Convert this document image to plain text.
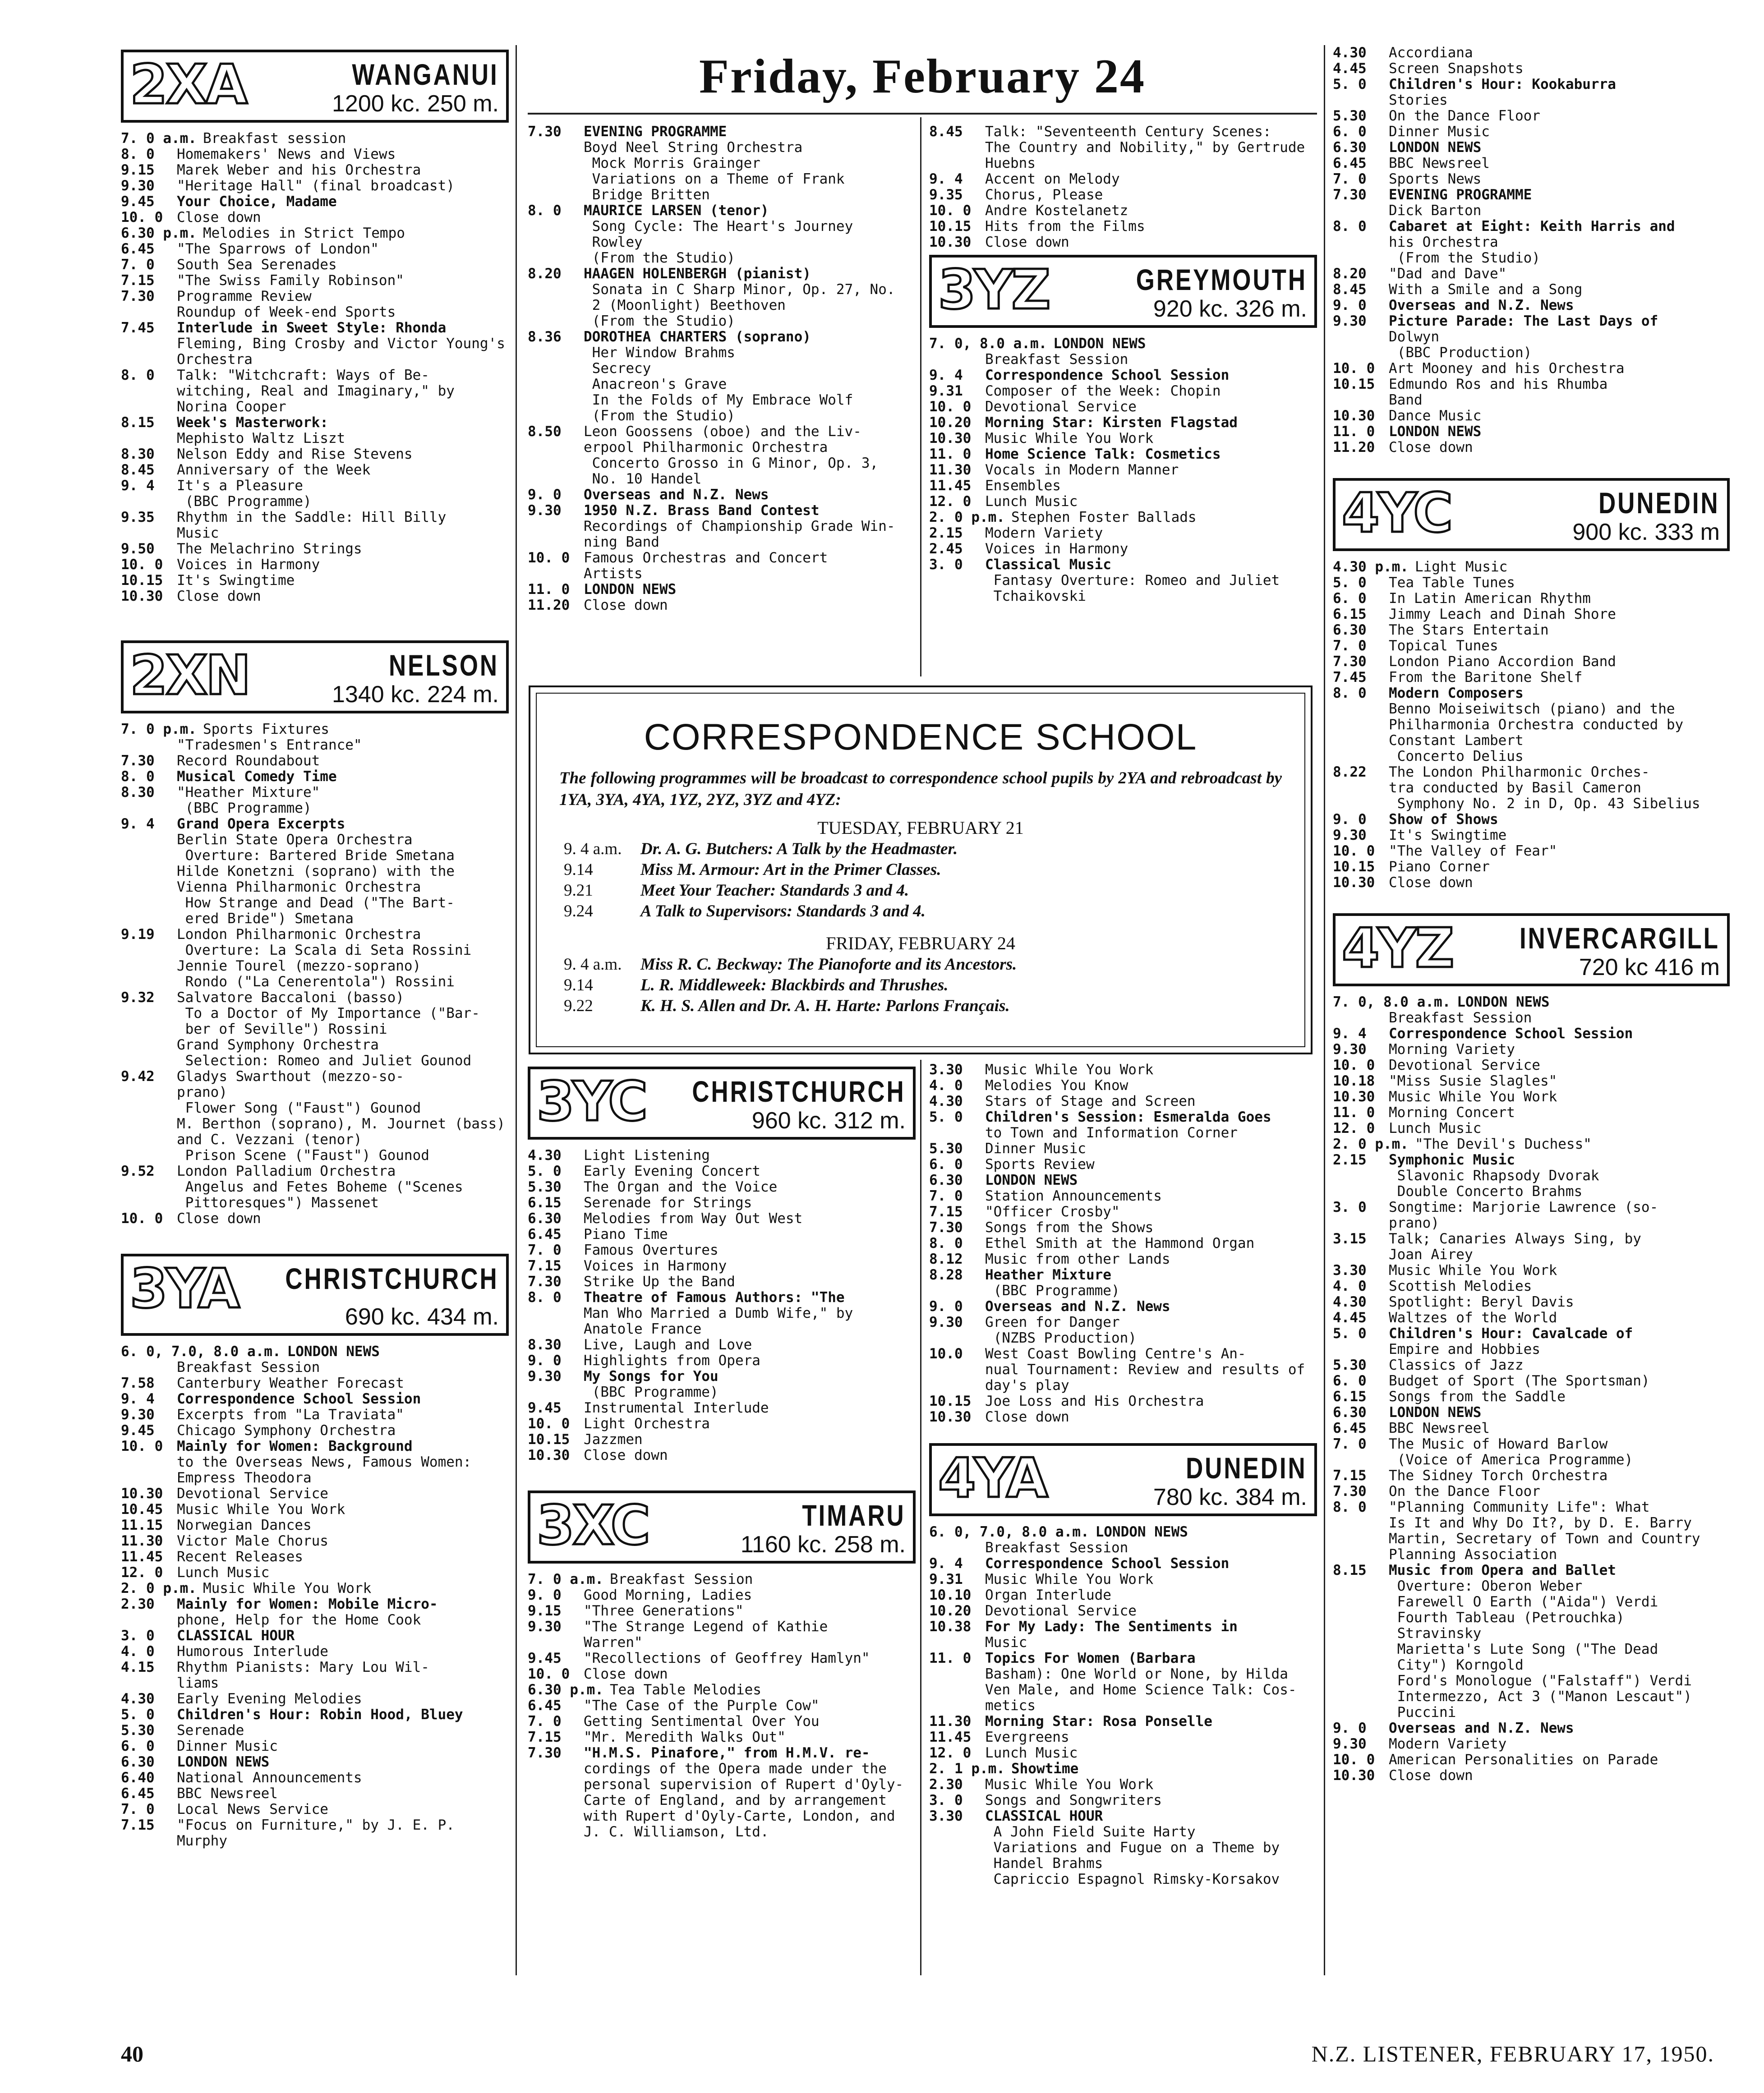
Friday, February 24
2XA	WANGANUI
1200 kc. 250 m.
7. 0 a.m. Breakfast session
8. 0 Homemakers' News and Views
9.15 Marek Weber and his Orchestra
9.30 "Heritage Hall" (final broadcast)
9.45 Your Choice, Madame
10. 0 Close down
6.30 p.m. Melodies in Strict Tempo
6.45 "The Sparrows of London"
7. 0 South Sea Serenades
7.15 "The Swiss Family Robinson"
7.30 Programme Review
Roundup of Week-end Sports
7.45 Interlude in Sweet Style: Rhonda
Fleming, Bing Crosby and Victor Young's
Orchestra
8. 0 Talk: "Witchcraft: Ways of Be-
witching, Real and Imaginary," by
Norina Cooper
8.15 Week's Masterwork:
Mephisto Waltz Liszt
8.30 Nelson Eddy and Rise Stevens
8.45 Anniversary of the Week
9. 4 It's a Pleasure
(BBC Programme)
9.35 Rhythm in the Saddle: Hill Billy
Music
9.50 The Melachrino Strings
10. 0 Voices in Harmony
10.15 It's Swingtime
10.30 Close down
2XN	NELSON
1340 kc. 224 m.
7. 0 p.m. Sports Fixtures
"Tradesmen's Entrance"
7.30 Record Roundabout
8. 0 Musical Comedy Time
8.30 "Heather Mixture"
(BBC Programme)
9. 4 Grand Opera Excerpts
Berlin State Opera Orchestra
Overture: Bartered Bride Smetana
Hilde Konetzni (soprano) with the
Vienna Philharmonic Orchestra
How Strange and Dead ("The Bart-
ered Bride") Smetana
9.19 London Philharmonic Orchestra
Overture: La Scala di Seta Rossini
Jennie Tourel (mezzo-soprano)
Rondo ("La Cenerentola") Rossini
9.32 Salvatore Baccaloni (basso)
To a Doctor of My Importance ("Bar-
ber of Seville") Rossini
Grand Symphony Orchestra
Selection: Romeo and Juliet Gounod
9.42 Gladys Swarthout (mezzo-so-
prano)
Flower Song ("Faust") Gounod
M. Berthon (soprano), M. Journet (bass)
and C. Vezzani (tenor)
Prison Scene ("Faust") Gounod
9.52 London Palladium Orchestra
Angelus and Fetes Boheme ("Scenes
Pittoresques") Massenet
10. 0 Close down
3YA CHRISTCHURCH
690 kc. 434 m.
6. 0, 7.0, 8.0 a.m. LONDON NEWS
Breakfast Session
7.58 Canterbury Weather Forecast
9. 4 Correspondence School Session
9.30 Excerpts from "La Traviata"
9.45 Chicago Symphony Orchestra
10. 0 Mainly for Women: Background
to the Overseas News, Famous Women:
Empress Theodora
10.30 Devotional Service
10.45 Music While You Work
11.15 Norwegian Dances
11.30 Victor Male Chorus
11.45 Recent Releases
12. 0 Lunch Music
2. 0 p.m. Music While You Work
2.30 Mainly for Women: Mobile Micro-
phone, Help for the Home Cook
3. 0 CLASSICAL HOUR
4. 0 Humorous Interlude
4.15 Rhythm Pianists: Mary Lou Wil-
liams
4.30 Early Evening Melodies
5. 0 Children's Hour: Robin Hood, Bluey
5.30 Serenade
6. 0 Dinner Music
6.30 LONDON NEWS
6.40 National Announcements
6.45 BBC Newsreel
7. 0 Local News Service
7.15 "Focus on Furniture," by J. E. P.
Murphy
7.30 EVENING PROGRAMME
Boyd Neel String Orchestra
Mock Morris Grainger
Variations on a Theme of Frank
Bridge Britten
8. 0 MAURICE LARSEN (tenor)
Song Cycle: The Heart's Journey
Rowley
(From the Studio)
8.20 HAAGEN HOLENBERGH (pianist)
Sonata in C Sharp Minor, Op. 27, No.
2 (Moonlight) Beethoven
(From the Studio)
8.36 DOROTHEA CHARTERS (soprano)
Her Window Brahms
Secrecy
Anacreon's Grave
In the Folds of My Embrace Wolf
(From the Studio)
8.50 Leon Goossens (oboe) and the Liv-
erpool Philharmonic Orchestra
Concerto Grosso in G Minor, Op. 3,
No. 10 Handel
9. 0 Overseas and N.Z. News
9.30 1950 N.Z. Brass Band Contest
Recordings of Championship Grade Win-
ning Band
10. 0 Famous Orchestras and Concert
Artists
11. 0 LONDON NEWS
11.20 Close down
8.45 Talk: "Seventeenth Century Scenes:
The Country and Nobility," by Gertrude
Huebns
9. 4 Accent on Melody
9.35 Chorus, Please
10. 0 Andre Kostelanetz
10.15 Hits from the Films
10.30 Close down
3YZ	GREYMOUTH
920 kc. 326 m.
7. 0, 8.0 a.m. LONDON NEWS
Breakfast Session
9. 4 Correspondence School Session
9.31 Composer of the Week: Chopin
10. 0 Devotional Service
10.20 Morning Star: Kirsten Flagstad
10.30 Music While You Work
11. 0 Home Science Talk: Cosmetics
11.30 Vocals in Modern Manner
11.45 Ensembles
12. 0 Lunch Music
2. 0 p.m. Stephen Foster Ballads
2.15 Modern Variety
2.45 Voices in Harmony
3. 0 Classical Music
Fantasy Overture: Romeo and Juliet
Tchaikovski
CORRESPONDENCE SCHOOL
The following programmes will be broadcast to correspondence school pupils by 2YA and rebroadcast by 1YA, 3YA, 4YA, 1YZ, 2YZ, 3YZ and 4YZ:
TUESDAY, FEBRUARY 21
9. 4 a.m. Dr. A. G. Butchers: A Talk by the Headmaster.
9.14	Miss M. Armour: Art in the Primer Classes.
9.21	Meet Your Teacher: Standards 3 and 4.
9.24	A Talk to Supervisors: Standards 3 and 4.
FRIDAY, FEBRUARY 24
9. 4 a.m. Miss R. C. Beckway: The Pianoforte and its Ancestors.
9.14	L. R. Middleweek: Blackbirds and Thrushes.
9.22	K. H. S. Allen and Dr. A. H. Harte: Parlons Français.
3YC CHRISTCHURCH
960 kc. 312 m.
4.30 Light Listening
5. 0 Early Evening Concert
5.30 The Organ and the Voice
6.15 Serenade for Strings
6.30 Melodies from Way Out West
6.45 Piano Time
7. 0 Famous Overtures
7.15 Voices in Harmony
7.30 Strike Up the Band
8. 0 Theatre of Famous Authors: "The
Man Who Married a Dumb Wife," by
Anatole France
8.30 Live, Laugh and Love
9. 0 Highlights from Opera
9.30 My Songs for You
(BBC Programme)
9.45 Instrumental Interlude
10. 0 Light Orchestra
10.15 Jazzmen
10.30 Close down
3XC	TIMARU
1160 kc. 258 m.
7. 0 a.m. Breakfast Session
9. 0 Good Morning, Ladies
9.15 "Three Generations"
9.30 "The Strange Legend of Kathie
Warren"
9.45 "Recollections of Geoffrey Hamlyn"
10. 0 Close down
6.30 p.m. Tea Table Melodies
6.45 "The Case of the Purple Cow"
7. 0 Getting Sentimental Over You
7.15 "Mr. Meredith Walks Out"
7.30 "H.M.S. Pinafore," from H.M.V. re-
cordings of the Opera made under the
personal supervision of Rupert d'Oyly-
Carte of England, and by arrangement
with Rupert d'Oyly-Carte, London, and
J. C. Williamson, Ltd.
3.30 Music While You Work
4. 0 Melodies You Know
4.30 Stars of Stage and Screen
5. 0 Children's Session: Esmeralda Goes
to Town and Information Corner
5.30 Dinner Music
6. 0 Sports Review
6.30 LONDON NEWS
7. 0 Station Announcements
7.15 "Officer Crosby"
7.30 Songs from the Shows
8. 0 Ethel Smith at the Hammond Organ
8.12 Music from other Lands
8.28 Heather Mixture
(BBC Programme)
9. 0 Overseas and N.Z. News
9.30 Green for Danger
(NZBS Production)
10.0 West Coast Bowling Centre's An-
nual Tournament: Review and results of
day's play
10.15 Joe Loss and His Orchestra
10.30 Close down
4YA	DUNEDIN
780 kc. 384 m.
6. 0, 7.0, 8.0 a.m. LONDON NEWS
Breakfast Session
9. 4 Correspondence School Session
9.31 Music While You Work
10.10 Organ Interlude
10.20 Devotional Service
10.38 For My Lady: The Sentiments in
Music
11. 0 Topics For Women (Barbara
Basham): One World or None, by Hilda
Ven Male, and Home Science Talk: Cos-
metics
11.30 Morning Star: Rosa Ponselle
11.45 Evergreens
12. 0 Lunch Music
2. 1 p.m. Showtime
2.30 Music While You Work
3. 0 Songs and Songwriters
3.30 CLASSICAL HOUR
A John Field Suite Harty
Variations and Fugue on a Theme by
Handel Brahms
Capriccio Espagnol Rimsky-Korsakov
4.30 Accordiana
4.45 Screen Snapshots
5. 0 Children's Hour: Kookaburra
Stories
5.30 On the Dance Floor
6. 0 Dinner Music
6.30 LONDON NEWS
6.45 BBC Newsreel
7. 0 Sports News
7.30 EVENING PROGRAMME
Dick Barton
8. 0 Cabaret at Eight: Keith Harris and
his Orchestra
(From the Studio)
8.20 "Dad and Dave"
8.45 With a Smile and a Song
9. 0 Overseas and N.Z. News
9.30 Picture Parade: The Last Days of
Dolwyn
(BBC Production)
10. 0 Art Mooney and his Orchestra
10.15 Edmundo Ros and his Rhumba
Band
10.30 Dance Music
11. 0 LONDON NEWS
11.20 Close down
4YC	DUNEDIN
900 kc. 333 m
4.30 p.m. Light Music
5. 0 Tea Table Tunes
6. 0 In Latin American Rhythm
6.15 Jimmy Leach and Dinah Shore
6.30 The Stars Entertain
7. 0 Topical Tunes
7.30 London Piano Accordion Band
7.45 From the Baritone Shelf
8. 0 Modern Composers
Benno Moiseiwitsch (piano) and the
Philharmonia Orchestra conducted by
Constant Lambert
Concerto Delius
8.22 The London Philharmonic Orches-
tra conducted by Basil Cameron
Symphony No. 2 in D, Op. 43 Sibelius
9. 0 Show of Shows
9.30 It's Swingtime
10. 0 "The Valley of Fear"
10.15 Piano Corner
10.30 Close down
4YZ INVERCARGILL
720 kc 416 m
7. 0, 8.0 a.m. LONDON NEWS
Breakfast Session
9. 4 Correspondence School Session
9.30 Morning Variety
10. 0 Devotional Service
10.18 "Miss Susie Slagles"
10.30 Music While You Work
11. 0 Morning Concert
12. 0 Lunch Music
2. 0 p.m. "The Devil's Duchess"
2.15 Symphonic Music
Slavonic Rhapsody Dvorak
Double Concerto Brahms
3. 0 Songtime: Marjorie Lawrence (so-
prano)
3.15 Talk; Canaries Always Sing, by
Joan Airey
3.30 Music While You Work
4. 0 Scottish Melodies
4.30 Spotlight: Beryl Davis
4.45 Waltzes of the World
5. 0 Children's Hour: Cavalcade of
Empire and Hobbies
5.30 Classics of Jazz
6. 0 Budget of Sport (The Sportsman)
6.15 Songs from the Saddle
6.30 LONDON NEWS
6.45 BBC Newsreel
7. 0 The Music of Howard Barlow
(Voice of America Programme)
7.15 The Sidney Torch Orchestra
7.30 On the Dance Floor
8. 0 "Planning Community Life": What
Is It and Why Do It?, by D. E. Barry
Martin, Secretary of Town and Country
Planning Association
8.15 Music from Opera and Ballet
Overture: Oberon Weber
Farewell O Earth ("Aida") Verdi
Fourth Tableau (Petrouchka)
Stravinsky
Marietta's Lute Song ("The Dead
City") Korngold
Ford's Monologue ("Falstaff") Verdi
Intermezzo, Act 3 ("Manon Lescaut")
Puccini
9. 0 Overseas and N.Z. News
9.30 Modern Variety
10. 0 American Personalities on Parade
10.30 Close down
40	N.Z. LISTENER, FEBRUARY 17, 1950.
